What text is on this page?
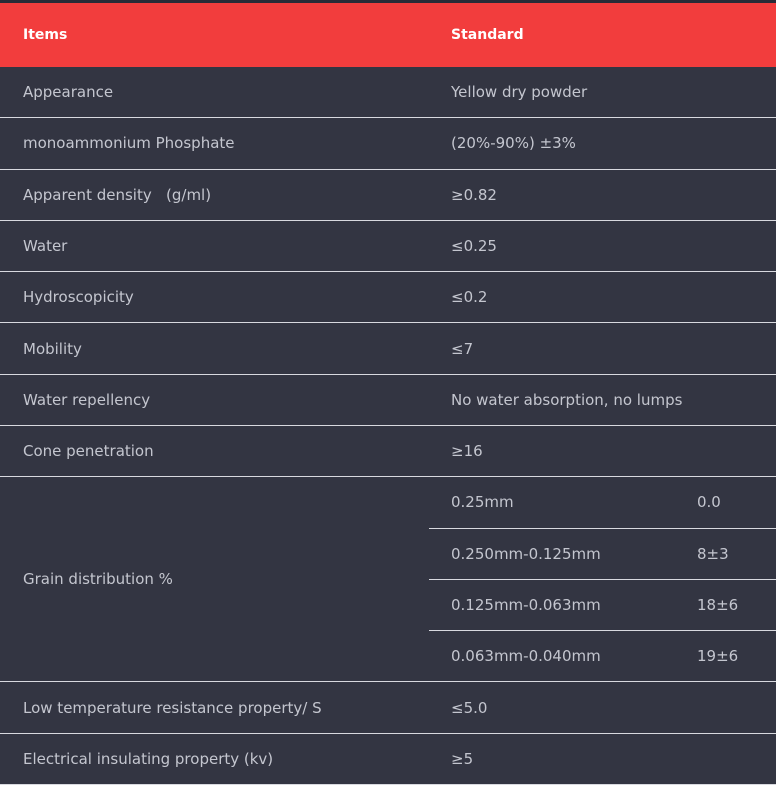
Items	Standard	
Appearance	Yellow dry powder	
monoammonium Phosphate	(20%-90%) ±3%	
Apparent density   (g/ml)	≥0.82	
Water	≤0.25	
Hydroscopicity	≤0.2	
Mobility	≤7	
Water repellency	No water absorption, no lumps	
Cone penetration	≥16	
Grain distribution %	0.25mm	0.0
	0.250mm-0.125mm	8±3
	0.125mm-0.063mm	18±6
	0.063mm-0.040mm	19±6
Low temperature resistance property/ S	≤5.0	
Electrical insulating property (kv)	≥5	
